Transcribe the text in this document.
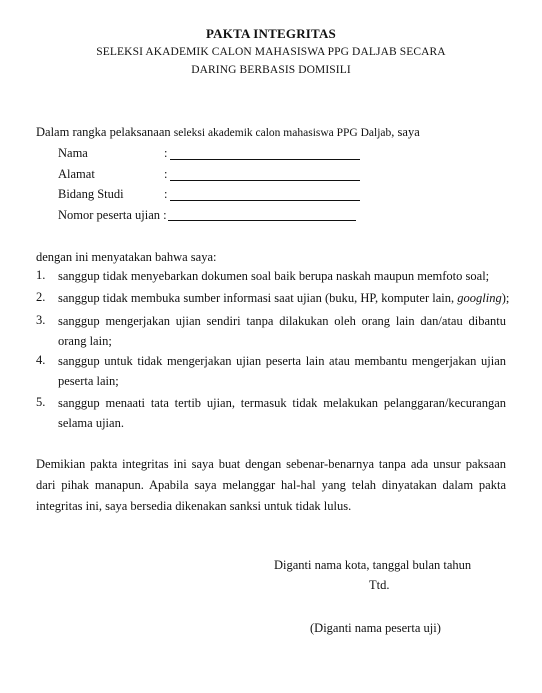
PAKTA INTEGRITAS
SELEKSI AKADEMIK CALON MAHASISWA PPG DALJAB SECARA
DARING BERBASIS DOMISILI
Dalam rangka pelaksanaan seleksi akademik calon mahasiswa PPG Daljab, saya
Nama	:
Alamat	:
Bidang Studi	:
Nomor peserta ujian :
dengan ini menyatakan bahwa saya:
1. sanggup tidak menyebarkan dokumen soal baik berupa naskah maupun memfoto soal;
2. sanggup tidak membuka sumber informasi saat ujian (buku, HP, komputer lain, googling);
3. sanggup mengerjakan ujian sendiri tanpa dilakukan oleh orang lain dan/atau dibantu orang lain;
4. sanggup untuk tidak mengerjakan ujian peserta lain atau membantu mengerjakan ujian peserta lain;
5. sanggup menaati tata tertib ujian, termasuk tidak melakukan pelanggaran/kecurangan selama ujian.
Demikian pakta integritas ini saya buat dengan sebenar-benarnya tanpa ada unsur paksaan dari pihak manapun. Apabila saya melanggar hal-hal yang telah dinyatakan dalam pakta integritas ini, saya bersedia dikenakan sanksi untuk tidak lulus.
Diganti nama kota, tanggal bulan tahun
Ttd.
(Diganti nama peserta uji)
